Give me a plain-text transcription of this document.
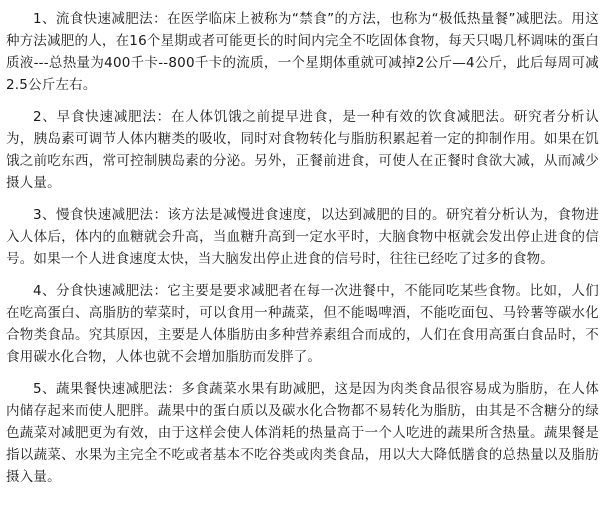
1、流食快速减肥法：在医学临床上被称为“禁食”的方法，也称为“极低热量餐”减肥法。用这种方法减肥的人，在16个星期或者可能更长的时间内完全不吃固体食物，每天只喝几杯调味的蛋白质液---总热量为400千卡--800千卡的流质，一个星期体重就可减掉2公斤—4公斤，此后每周可减2.5公斤左右。

2、早食快速减肥法：在人体饥饿之前提早进食，是一种有效的饮食减肥法。研究者分析认为，胰岛素可调节人体内糖类的吸收，同时对食物转化与脂肪积累起着一定的抑制作用。如果在饥饿之前吃东西，常可控制胰岛素的分泌。另外，正餐前进食，可使人在正餐时食欲大减，从而减少摄人量。

3、慢食快速减肥法：该方法是减慢进食速度，以达到减肥的目的。研究着分析认为，食物进入人体后，体内的血糖就会升高，当血糖升高到一定水平时，大脑食物中枢就会发出停止进食的信号。如果一个人进食速度太快，当大脑发出停止进食的信号时，往往已经吃了过多的食物。

4、分食快速减肥法：它主要是要求减肥者在每一次进餐中，不能同吃某些食物。比如，人们在吃高蛋白、高脂肪的荤菜时，可以食用一种蔬菜，但不能喝啤酒，不能吃面包、马铃薯等碳水化合物类食品。究其原因，主要是人体脂肪由多种营养素组合而成的，人们在食用高蛋白食品时，不食用碳水化合物，人体也就不会增加脂肪而发胖了。

5、蔬果餐快速减肥法：多食蔬菜水果有助减肥，这是因为肉类食品很容易成为脂肪，在人体内储存起来而使人肥胖。蔬果中的蛋白质以及碳水化合物都不易转化为脂肪，由其是不含糖分的绿色蔬菜对减肥更为有效，由于这样会使人体消耗的热量高于一个人吃进的蔬果所含热量。蔬果餐是指以蔬菜、水果为主完全不吃或者基本不吃谷类或肉类食品，用以大大降低膳食的总热量以及脂肪摄入量。
